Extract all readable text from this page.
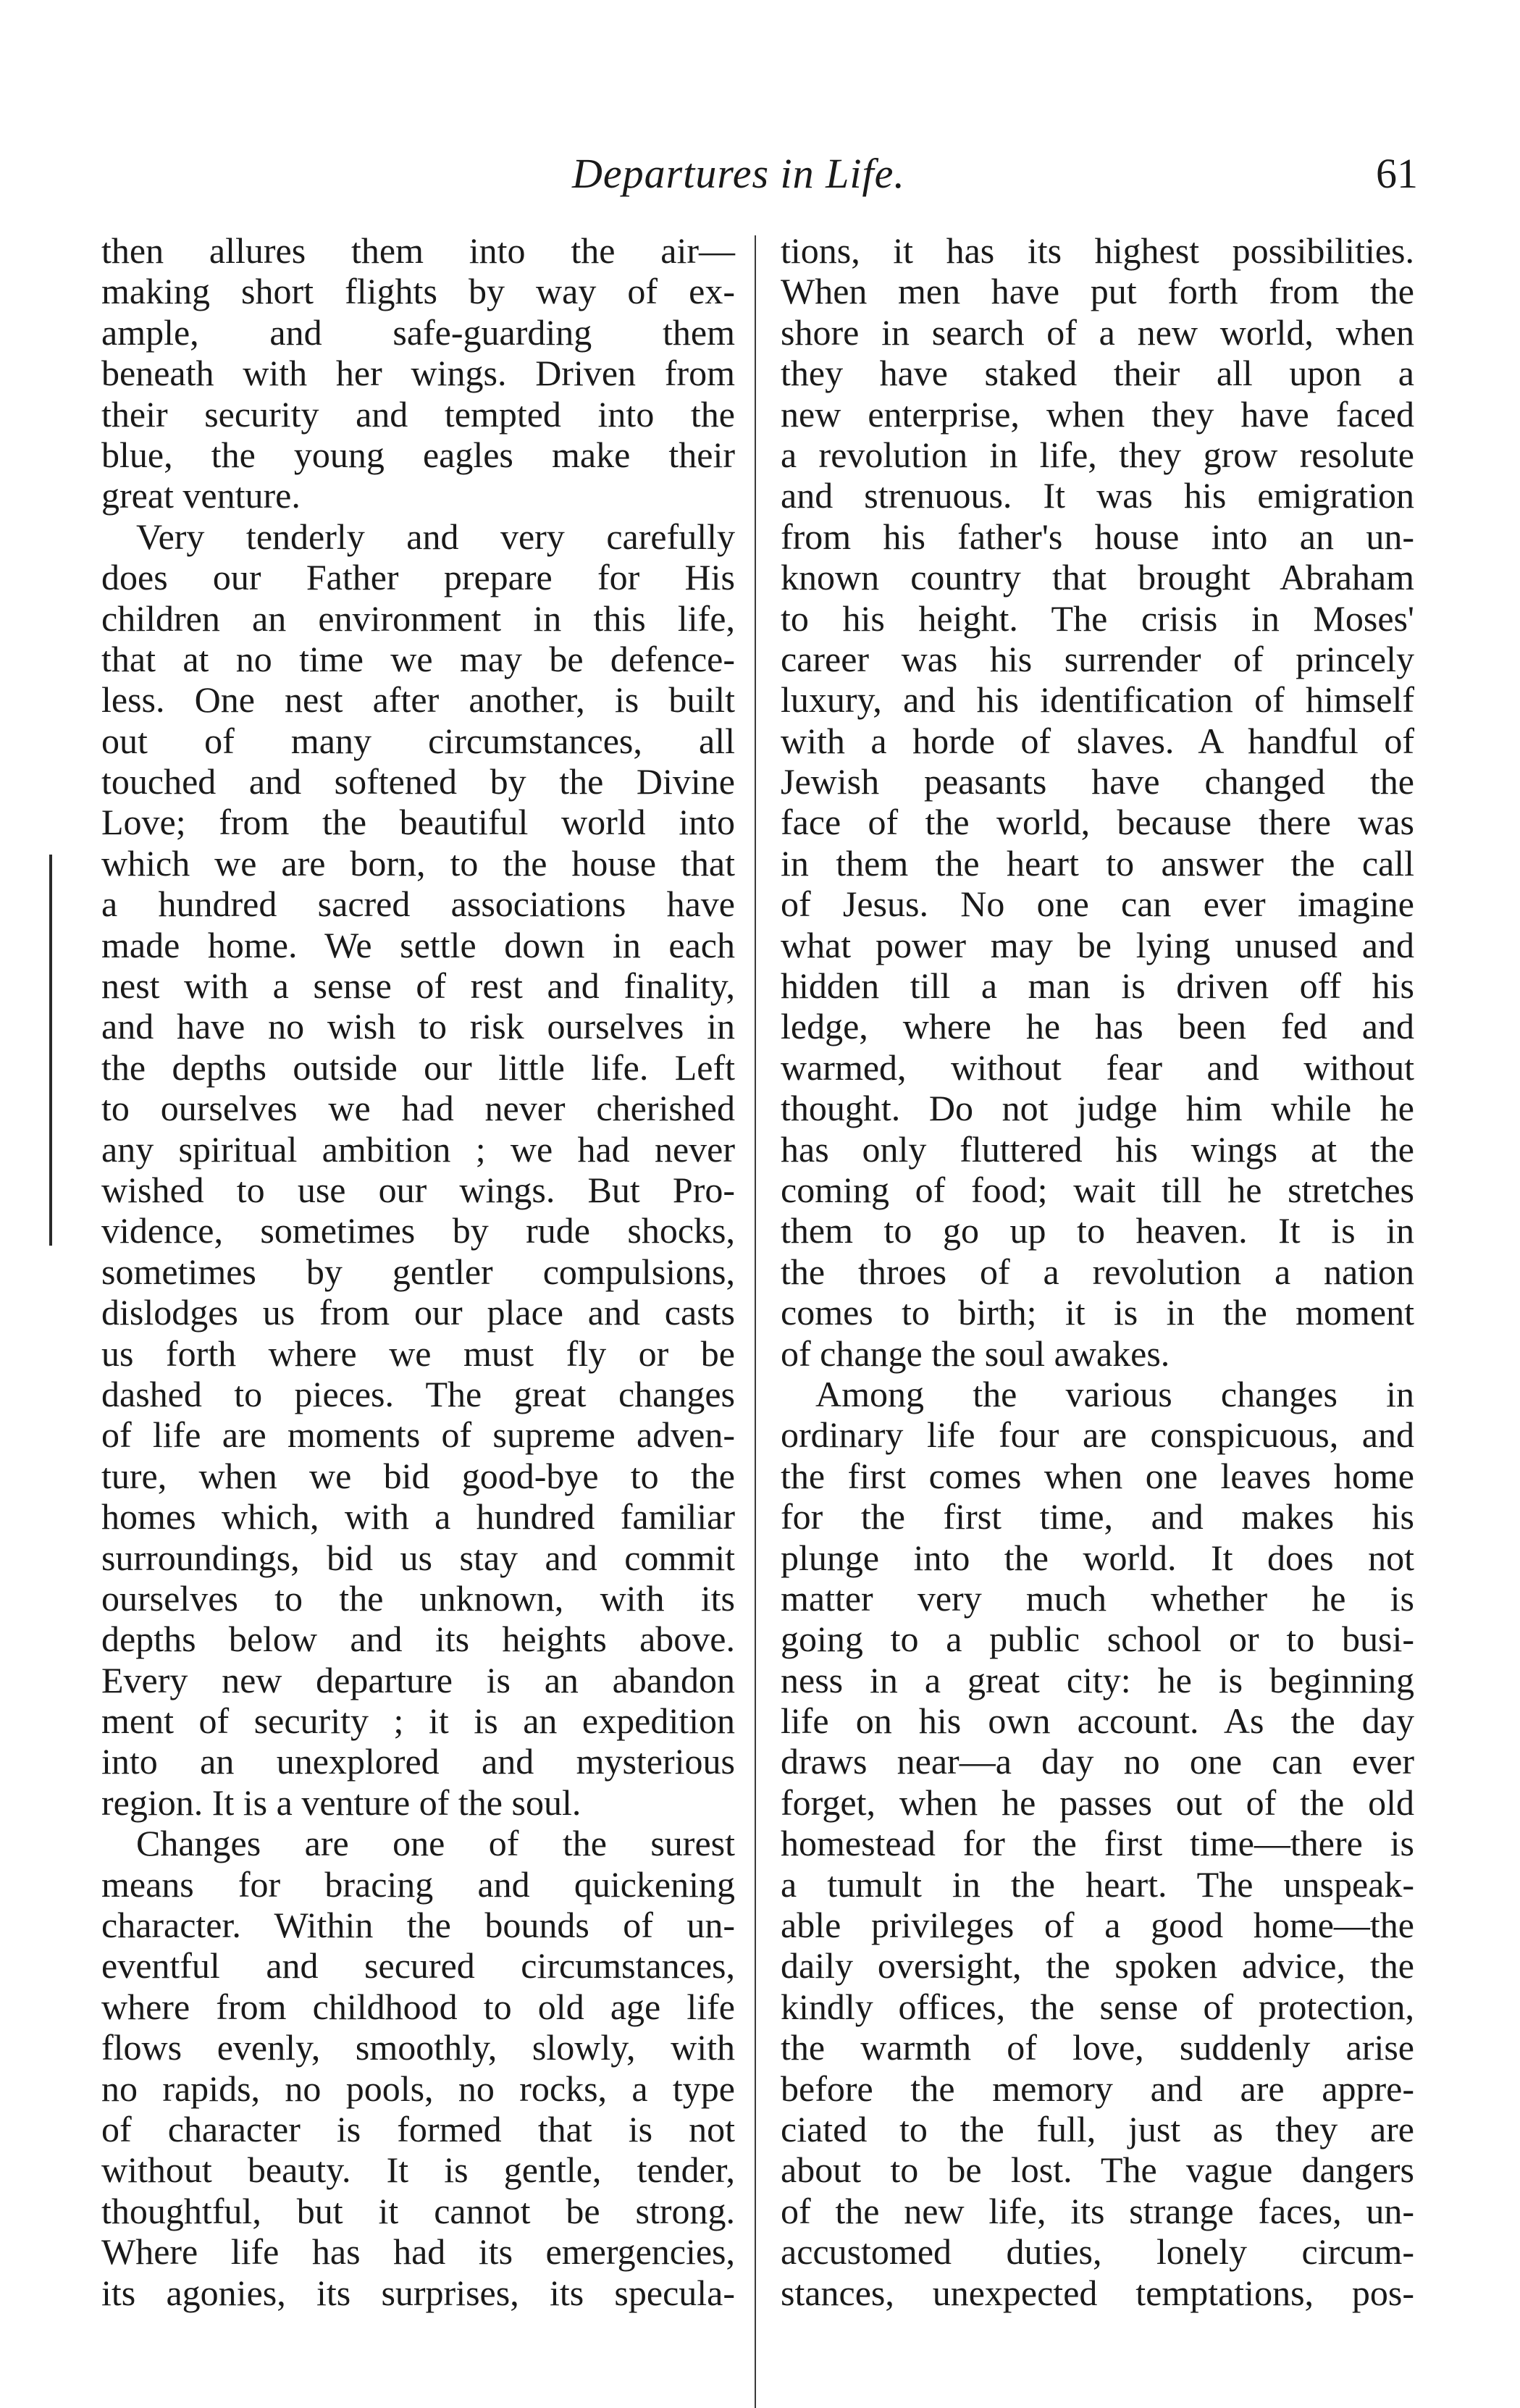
Departures in Life.	61
then allures them into the air—
making short flights by way of ex-
ample, and safe-guarding them
beneath with her wings. Driven from
their security and tempted into the
blue, the young eagles make their
great venture.
Very tenderly and very carefully
does our Father prepare for His
children an environment in this life,
that at no time we may be defence-
less. One nest after another, is built
out of many circumstances, all
touched and softened by the Divine
Love; from the beautiful world into
which we are born, to the house that
a hundred sacred associations have
made home. We settle down in each
nest with a sense of rest and finality,
and have no wish to risk ourselves in
the depths outside our little life. Left
to ourselves we had never cherished
any spiritual ambition ; we had never
wished to use our wings. But Pro-
vidence, sometimes by rude shocks,
sometimes by gentler compulsions,
dislodges us from our place and casts
us forth where we must fly or be
dashed to pieces. The great changes
of life are moments of supreme adven-
ture, when we bid good-bye to the
homes which, with a hundred familiar
surroundings, bid us stay and commit
ourselves to the unknown, with its
depths below and its heights above.
Every new departure is an abandon
ment of security ; it is an expedition
into an unexplored and mysterious
region. It is a venture of the soul.
Changes are one of the surest
means for bracing and quickening
character. Within the bounds of un-
eventful and secured circumstances,
where from childhood to old age life
flows evenly, smoothly, slowly, with
no rapids, no pools, no rocks, a type
of character is formed that is not
without beauty. It is gentle, tender,
thoughtful, but it cannot be strong.
Where life has had its emergencies,
its agonies, its surprises, its specula-
tions, it has its highest possibilities.
When men have put forth from the
shore in search of a new world, when
they have staked their all upon a
new enterprise, when they have faced
a revolution in life, they grow resolute
and strenuous. It was his emigration
from his father's house into an un-
known country that brought Abraham
to his height. The crisis in Moses'
career was his surrender of princely
luxury, and his identification of himself
with a horde of slaves. A handful of
Jewish peasants have changed the
face of the world, because there was
in them the heart to answer the call
of Jesus. No one can ever imagine
what power may be lying unused and
hidden till a man is driven off his
ledge, where he has been fed and
warmed, without fear and without
thought. Do not judge him while he
has only fluttered his wings at the
coming of food; wait till he stretches
them to go up to heaven. It is in
the throes of a revolution a nation
comes to birth; it is in the moment
of change the soul awakes.
Among the various changes in
ordinary life four are conspicuous, and
the first comes when one leaves home
for the first time, and makes his
plunge into the world. It does not
matter very much whether he is
going to a public school or to busi-
ness in a great city: he is beginning
life on his own account. As the day
draws near—a day no one can ever
forget, when he passes out of the old
homestead for the first time—there is
a tumult in the heart. The unspeak-
able privileges of a good home—the
daily oversight, the spoken advice, the
kindly offices, the sense of protection,
the warmth of love, suddenly arise
before the memory and are appre-
ciated to the full, just as they are
about to be lost. The vague dangers
of the new life, its strange faces, un-
accustomed duties, lonely circum-
stances, unexpected temptations, pos-
